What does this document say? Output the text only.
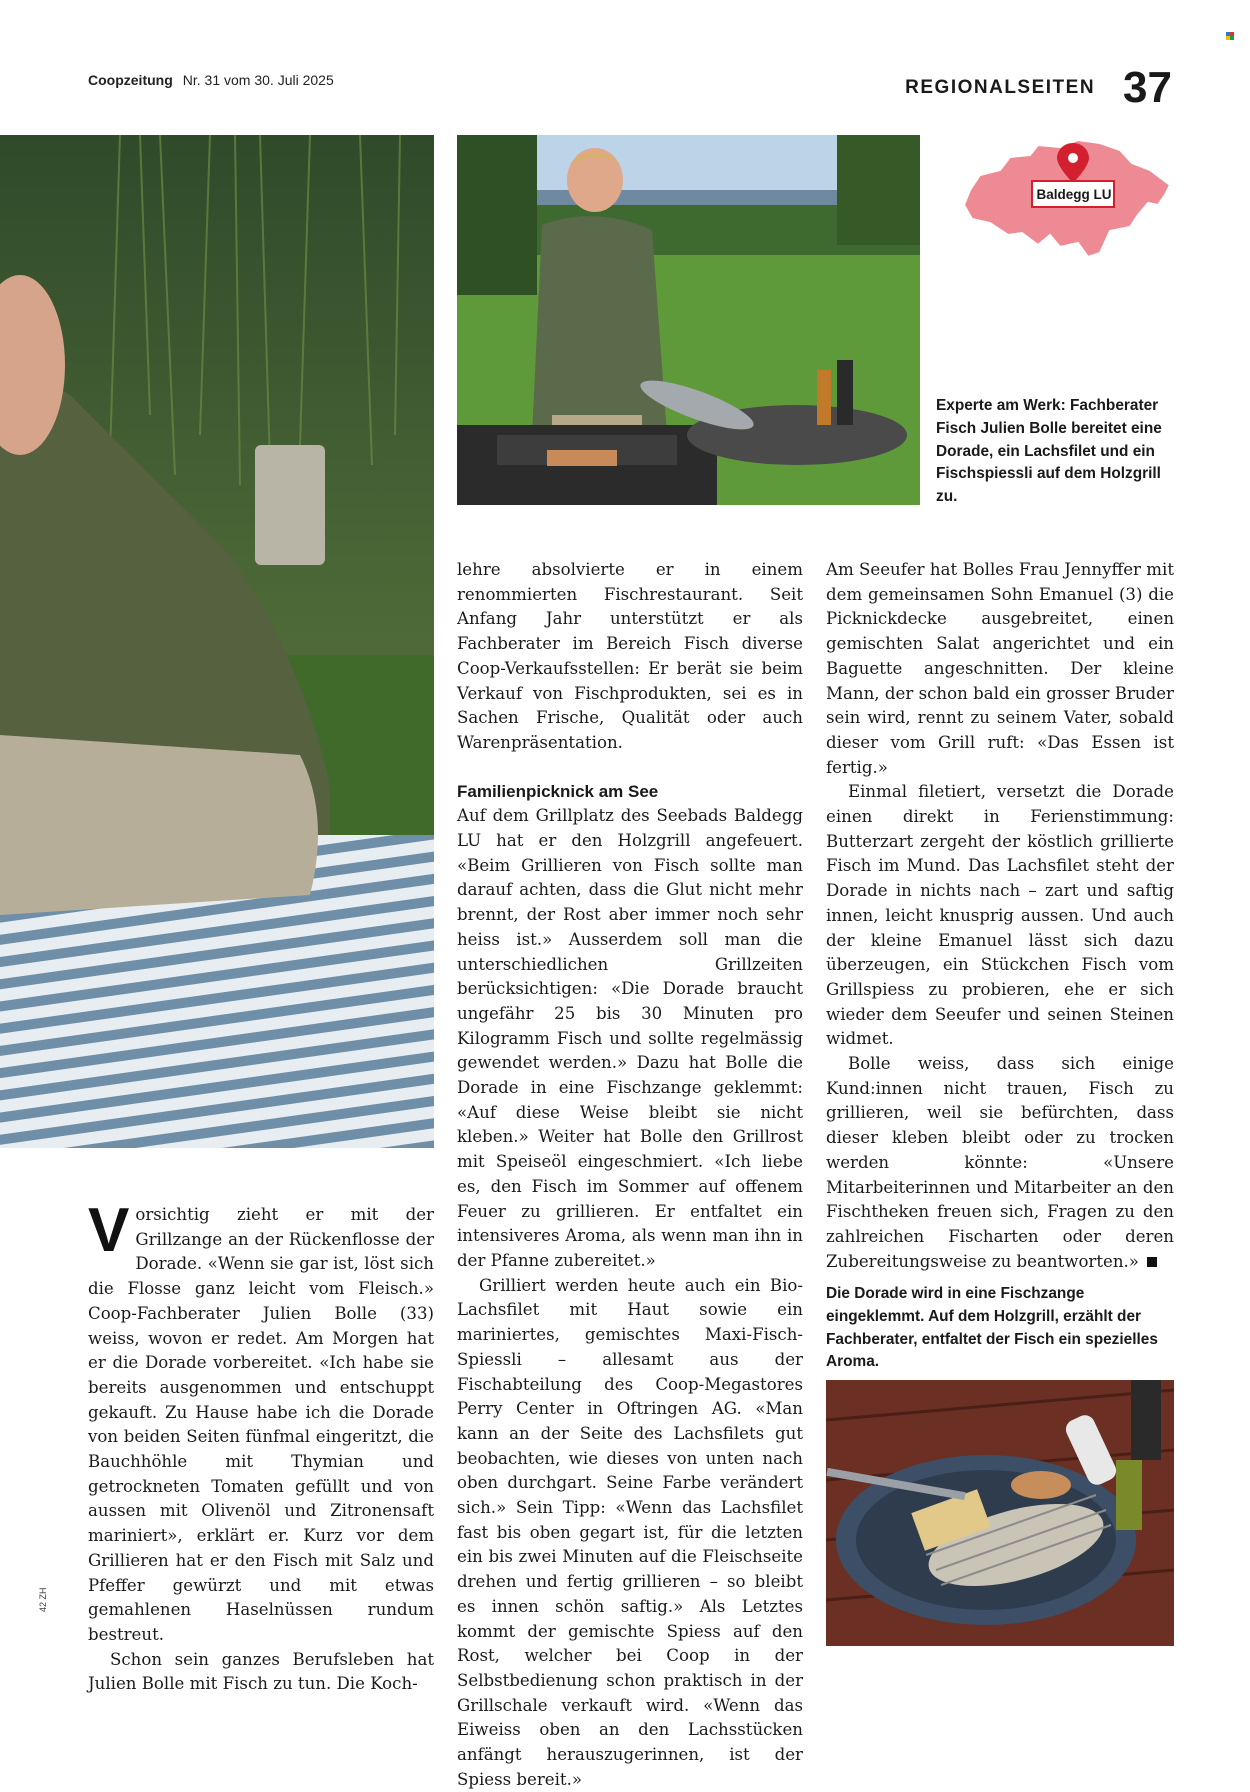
Coopzeitung Nr. 31 vom 30. Juli 2025	REGIONALSEITEN 37
Baldegg LU
Experte am Werk: Fachberater Fisch Julien Bolle bereitet eine Dorade, ein Lachsfilet und ein Fischspiessli auf dem Holzgrill zu.

Vorsichtig zieht er mit der Grillzange an der Rückenflosse der Dorade. «Wenn sie gar ist, löst sich die Flosse ganz leicht vom Fleisch.» Coop-Fachberater Julien Bolle (33) weiss, wovon er redet. Am Morgen hat er die Dorade vorbereitet. «Ich habe sie bereits ausgenommen und entschuppt gekauft. Zu Hause habe ich die Dorade von beiden Seiten fünfmal eingeritzt, die Bauchhöhle mit Thymian und getrockneten Tomaten gefüllt und von aussen mit Olivenöl und Zitronensaft mariniert», erklärt er. Kurz vor dem Grillieren hat er den Fisch mit Salz und Pfeffer gewürzt und mit etwas gemahlenen Haselnüssen rundum bestreut.

Schon sein ganzes Berufsleben hat Julien Bolle mit Fisch zu tun. Die Koch-

lehre absolvierte er in einem renommierten Fischrestaurant. Seit Anfang Jahr unterstützt er als Fachberater im Bereich Fisch diverse Coop-Verkaufsstellen: Er berät sie beim Verkauf von Fischprodukten, sei es in Sachen Frische, Qualität oder auch Warenpräsentation.

Familienpicknick am See

Auf dem Grillplatz des Seebads Baldegg LU hat er den Holzgrill angefeuert. «Beim Grillieren von Fisch sollte man darauf achten, dass die Glut nicht mehr brennt, der Rost aber immer noch sehr heiss ist.» Ausserdem soll man die unterschiedlichen Grillzeiten berücksichtigen: «Die Dorade braucht ungefähr 25 bis 30 Minuten pro Kilogramm Fisch und sollte regelmässig gewendet werden.» Dazu hat Bolle die Dorade in eine Fischzange geklemmt: «Auf diese Weise bleibt sie nicht kleben.» Weiter hat Bolle den Grillrost mit Speiseöl eingeschmiert. «Ich liebe es, den Fisch im Sommer auf offenem Feuer zu grillieren. Er entfaltet ein intensiveres Aroma, als wenn man ihn in der Pfanne zubereitet.»

Grilliert werden heute auch ein Bio-Lachsfilet mit Haut sowie ein mariniertes, gemischtes Maxi-Fisch-Spiessli – allesamt aus der Fischabteilung des Coop-Megastores Perry Center in Oftringen AG. «Man kann an der Seite des Lachsfilets gut beobachten, wie dieses von unten nach oben durchgart. Seine Farbe verändert sich.» Sein Tipp: «Wenn das Lachsfilet fast bis oben gegart ist, für die letzten ein bis zwei Minuten auf die Fleischseite drehen und fertig grillieren – so bleibt es innen schön saftig.» Als Letztes kommt der gemischte Spiess auf den Rost, welcher bei Coop in der Selbstbedienung schon praktisch in der Grillschale verkauft wird. «Wenn das Eiweiss oben an den Lachsstücken anfängt herauszugerinnen, ist der Spiess bereit.»

Am Seeufer hat Bolles Frau Jennyffer mit dem gemeinsamen Sohn Emanuel (3) die Picknickdecke ausgebreitet, einen gemischten Salat angerichtet und ein Baguette angeschnitten. Der kleine Mann, der schon bald ein grosser Bruder sein wird, rennt zu seinem Vater, sobald dieser vom Grill ruft: «Das Essen ist fertig.»

Einmal filetiert, versetzt die Dorade einen direkt in Ferienstimmung: Butterzart zergeht der köstlich grillierte Fisch im Mund. Das Lachsfilet steht der Dorade in nichts nach – zart und saftig innen, leicht knusprig aussen. Und auch der kleine Emanuel lässt sich dazu überzeugen, ein Stückchen Fisch vom Grillspiess zu probieren, ehe er sich wieder dem Seeufer und seinen Steinen widmet.

Bolle weiss, dass sich einige Kund:innen nicht trauen, Fisch zu grillieren, weil sie befürchten, dass dieser kleben bleibt oder zu trocken werden könnte: «Unsere Mitarbeiterinnen und Mitarbeiter an den Fischtheken freuen sich, Fragen zu den zahlreichen Fischarten oder deren Zubereitungsweise zu beantworten.»

Die Dorade wird in eine Fischzange eingeklemmt. Auf dem Holzgrill, erzählt der Fachberater, entfaltet der Fisch ein spezielles Aroma.
42 ZH
